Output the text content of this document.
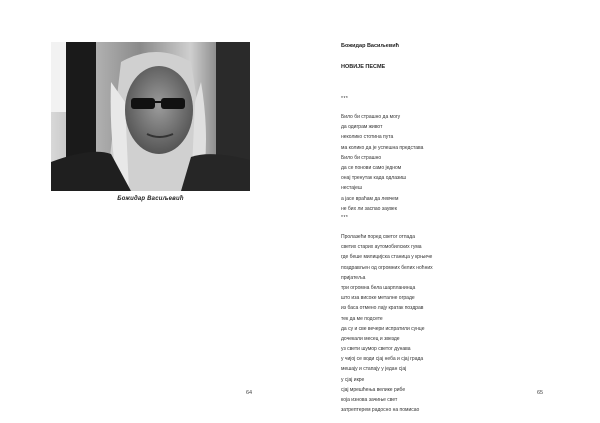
Божидар Васиљевић
64
Божидар Васиљевић
НОВИЈЕ ПЕСМЕ
***
Било би страшно да могу
да одиграм живот
неколико стотина пута
ма колико да је успешна представа
Било би страшно
да се понови само једном
онај тренутак када одлазиш
нестајеш
а јасе враћам да левчем
не бих ли заспао заувек
***
Пролазећи поред светог отпада
светих старих аутомобилских гума
где беше милицијска станица у крњиче
поздрављен од огромних белих ноћних
пријатеља
три огромна бела шарпланинца
што иза високе металне ограде
из баса отмено лају кратак поздрав
тек да ме подсете
да су и све вечери испратили сунце
дочекали месец и звезде
уз свети шумор светог дунава
у чијој се води сјај неба и сјај града
мешају и стапају у један сјај
у сјај икре
сјај мрешћења великe рибе
која изнова зачиње свет
затрептерем радосно на помисао
65
